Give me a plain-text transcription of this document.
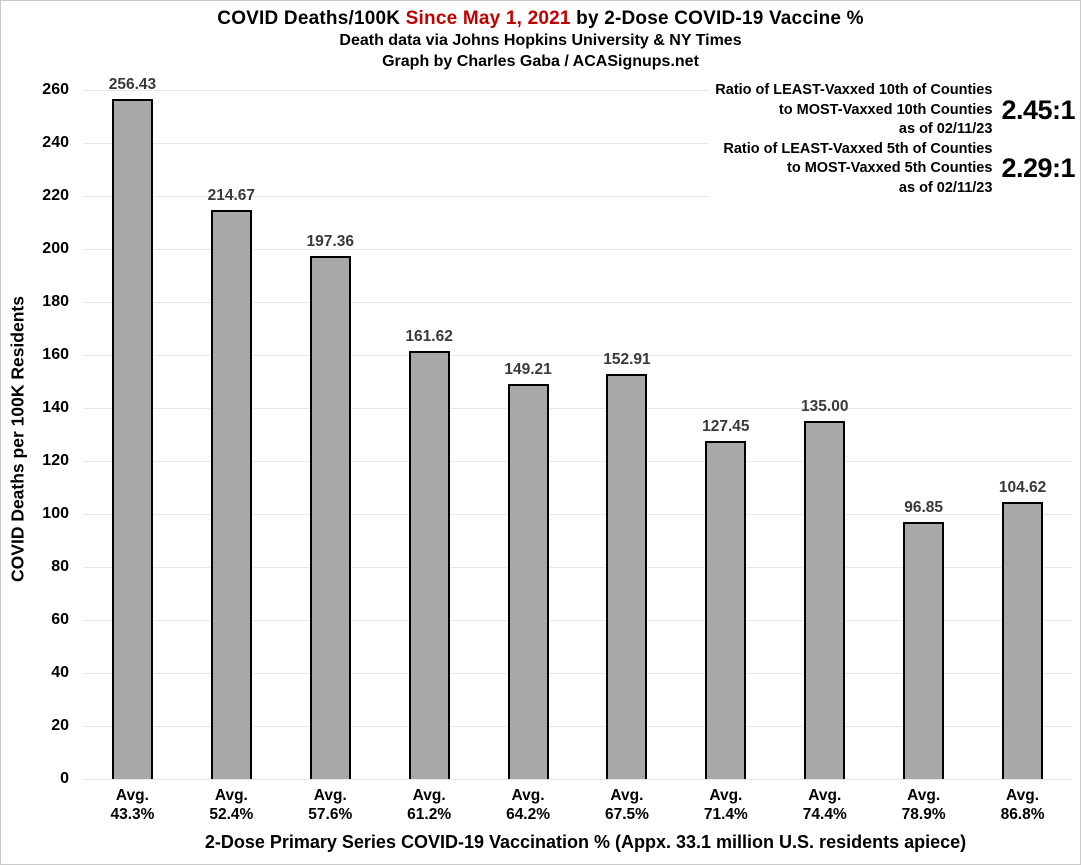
COVID Deaths/100K Since May 1, 2021 by 2-Dose COVID-19 Vaccine %
Death data via Johns Hopkins University & NY Times
Graph by Charles Gaba / ACASignups.net
COVID Deaths per 100K Residents
256.43
214.67
197.36
161.62
149.21
152.91
127.45
135.00
96.85
104.62
0
20
40
60
80
100
120
140
160
180
200
220
240
260
Avg.
43.3%
Avg.
52.4%
Avg.
57.6%
Avg.
61.2%
Avg.
64.2%
Avg.
67.5%
Avg.
71.4%
Avg.
74.4%
Avg.
78.9%
Avg.
86.8%
Ratio of LEAST-Vaxxed 10th of Counties
to MOST-Vaxxed 10th Counties
as of 02/11/23
2.45:1
Ratio of LEAST-Vaxxed 5th of Counties
to MOST-Vaxxed 5th Counties
as of 02/11/23
2.29:1
2-Dose Primary Series COVID-19 Vaccination % (Appx. 33.1 million U.S. residents apiece)
